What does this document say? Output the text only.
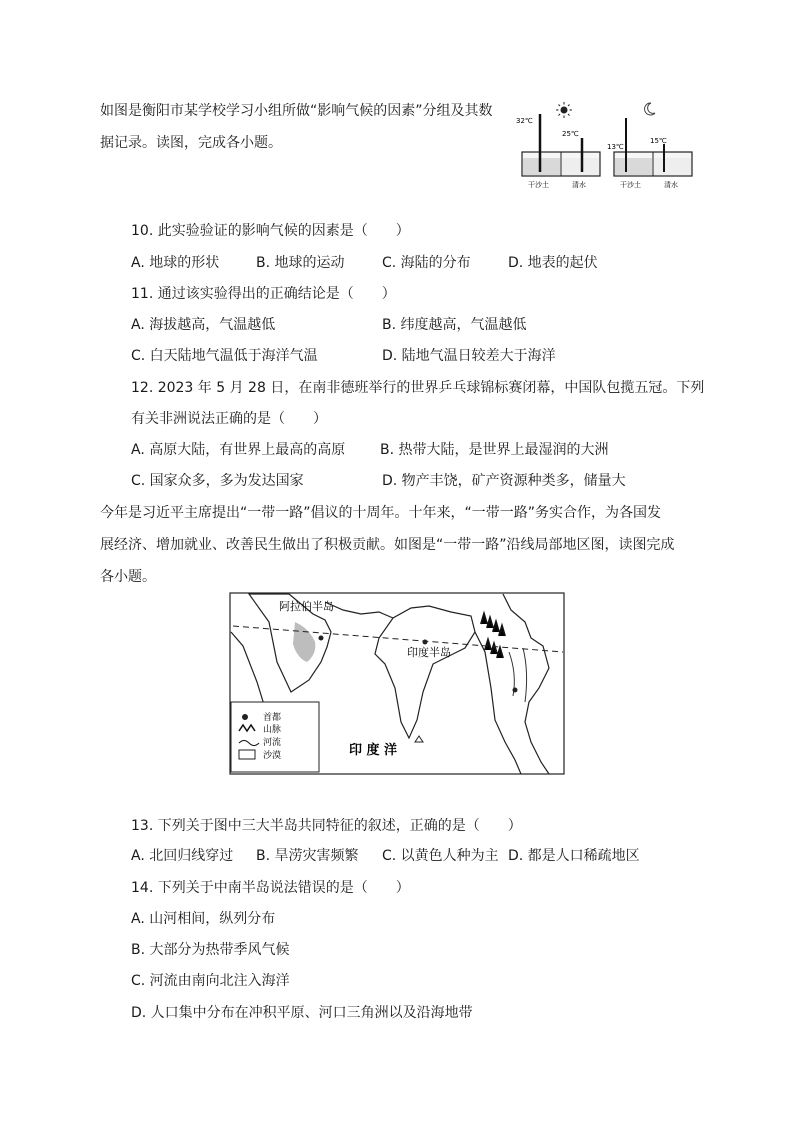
如图是衡阳市某学校学习小组所做“影响气候的因素”分组及其数
据记录。读图，完成各小题。
32℃
25℃
13℃
15℃
干沙土	清水	干沙土	清水
10. 此实验验证的影响气候的因素是（　　）
A. 地球的形状	B. 地球的运动	C. 海陆的分布	D. 地表的起伏
11. 通过该实验得出的正确结论是（　　）
A. 海拔越高，气温越低	B. 纬度越高，气温越低
C. 白天陆地气温低于海洋气温	D. 陆地气温日较差大于海洋
12. 2023 年 5 月 28 日，在南非德班举行的世界乒乓球锦标赛闭幕，中国队包揽五冠。下列
有关非洲说法正确的是（　　）
A. 高原大陆，有世界上最高的高原 B. 热带大陆，是世界上最湿润的大洲
C. 国家众多，多为发达国家	D. 物产丰饶，矿产资源种类多，储量大
今年是习近平主席提出“一带一路”倡议的十周年。十年来，“一带一路”务实合作，为各国发
展经济、增加就业、改善民生做出了积极贡献。如图是“一带一路”沿线局部地区图，读图完成
各小题。
阿拉伯半岛
印度半岛
印 度 洋
首都
山脉
河流
沙漠
13. 下列关于图中三大半岛共同特征的叙述，正确的是（　　）
A. 北回归线穿过 B. 旱涝灾害频繁 C. 以黄色人种为主 D. 都是人口稀疏地区
14. 下列关于中南半岛说法错误的是（　　）
A. 山河相间，纵列分布
B. 大部分为热带季风气候
C. 河流由南向北注入海洋
D. 人口集中分布在冲积平原、河口三角洲以及沿海地带
